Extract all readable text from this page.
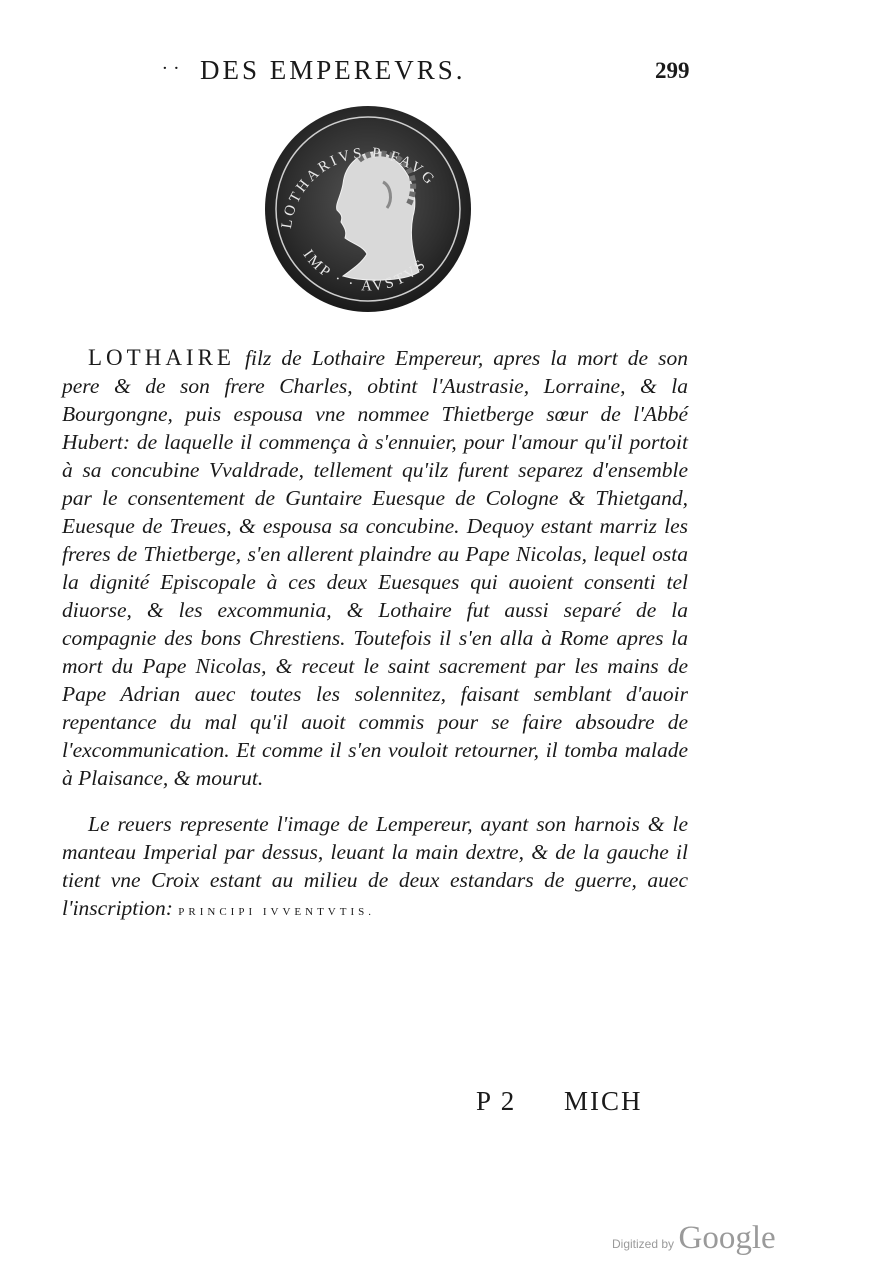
· · DES EMPEREVRS.	299
LOTHARIVS P FAVG
IMP · · AVSTVS

LOTHAIRE filz de Lothaire Empereur, apres la mort de son pere & de son frere Charles, obtint l'Austrasie, Lorraine, & la Bourgongne, puis espousa vne nommee Thietberge sœur de l'Abbé Hubert: de laquelle il commença à s'ennuier, pour l'amour qu'il portoit à sa concubine Vvaldrade, tellement qu'ilz furent separez d'ensemble par le consentement de Guntaire Euesque de Cologne & Thietgand, Euesque de Treues, & espousa sa concubine. Dequoy estant marriz les freres de Thietberge, s'en allerent plaindre au Pape Nicolas, lequel osta la dignité Episcopale à ces deux Euesques qui auoient consenti tel diuorse, & les excommunia, & Lothaire fut aussi separé de la compagnie des bons Chrestiens. Toutefois il s'en alla à Rome apres la mort du Pape Nicolas, & receut le saint sacrement par les mains de Pape Adrian auec toutes les solennitez, faisant semblant d'auoir repentance du mal qu'il auoit commis pour se faire absoudre de l'excommunication. Et comme il s'en vouloit retourner, il tomba malade à Plaisance, & mourut.

Le reuers represente l'image de Lempereur, ayant son harnois & le manteau Imperial par dessus, leuant la main dextre, & de la gauche il tient vne Croix estant au milieu de deux estandars de guerre, auec l'inscription: PRINCIPI IVVENTVTIS.

P 2 MICH
Digitized by Google
